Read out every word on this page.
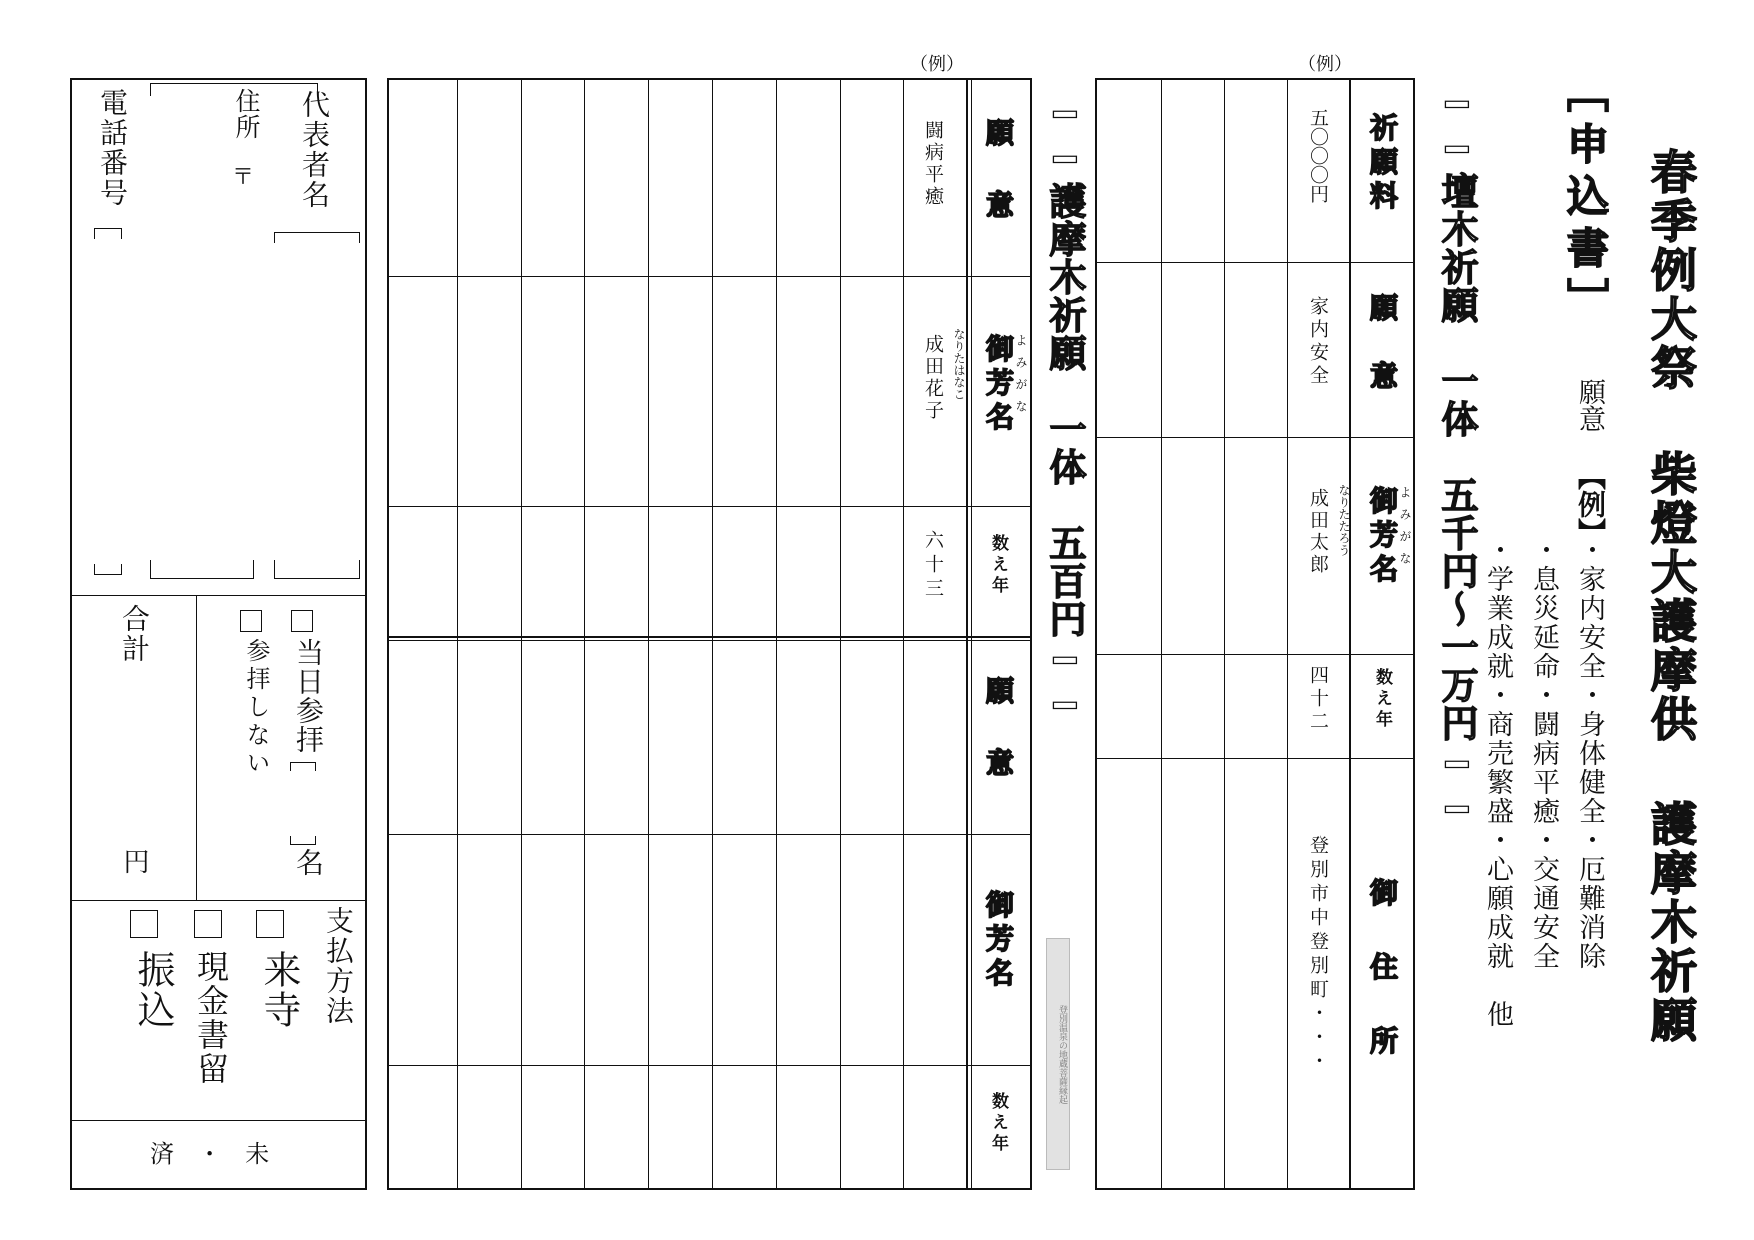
春季例大祭 柴燈大護摩供
護摩木祈願
［申込書］
願意
【例】
・家内安全・身体健全・厄難消除
・息災延命・闘病平癒・交通安全
・学業成就・商売繁盛・心願成就　他
━━壇木祈願　一体　五千円～一万円━━
（例）
祈願料
願意
よみがな
御芳名
数え年
御住所
五〇〇〇円
家内安全
なりたたろう
成田太郎
四十二
登別市中登別町・・・
━━護摩木祈願　一体　五百円━━
登別温泉の地蔵菩薩縁起
（例）
願意
よみがな
御芳名
数え年
闘病平癒
なりたはなこ
成田花子
六十三
願意
御芳名
数え年
代表者名
住所
〒
電話番号
当日参拝
名
参拝しない
合計
円
支払方法
来寺
現金書留
振込
済 ・ 未
